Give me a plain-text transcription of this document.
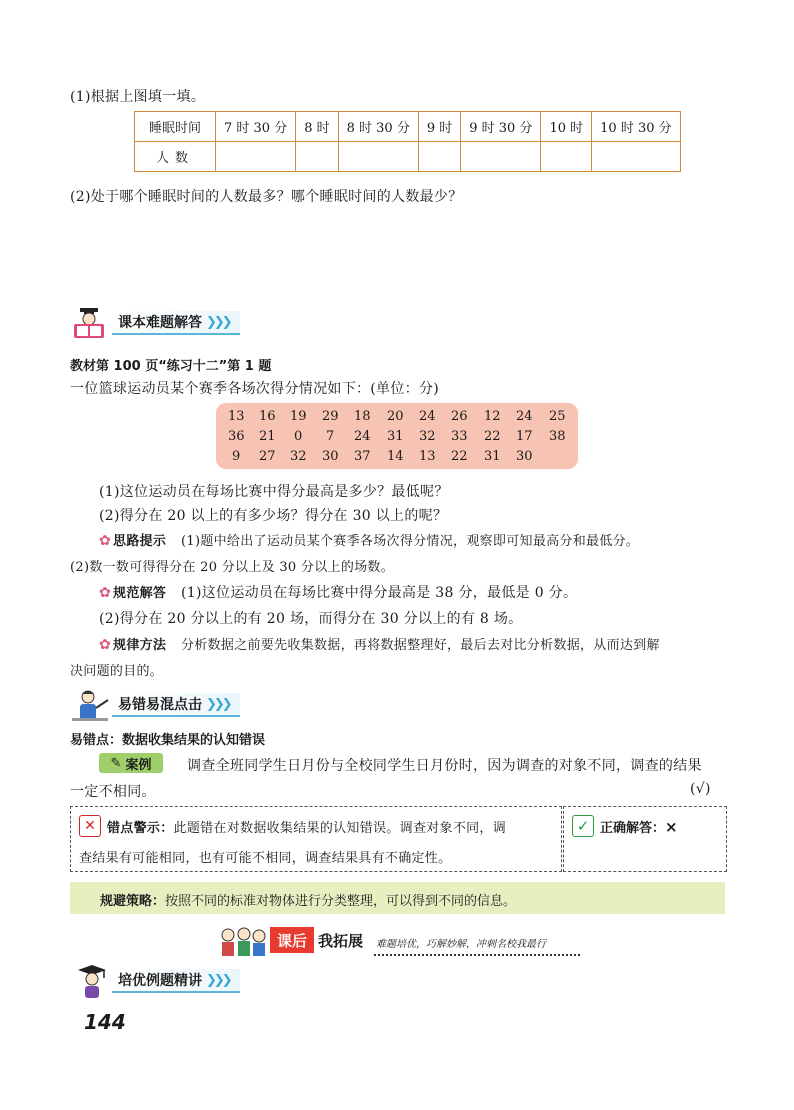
(1)根据上图填一填。
睡眠时间	7 时 30 分	8 时	8 时 30 分	9 时	9 时 30 分	10 时	10 时 30 分
人数							
(2)处于哪个睡眠时间的人数最多？哪个睡眠时间的人数最少？
课本难题解答 ❯❯❯
教材第 100 页“练习十二”第 1 题
一位篮球运动员某个赛季各场次得分情况如下：(单位：分)
13 16 19 29 18 20 24 26 12 24 25
36 21 0 7 24 31 32 33 22 17 38
9 27 32 30 37 14 13 22 31 30
(1)这位运动员在每场比赛中得分最高是多少？最低呢？
(2)得分在 20 以上的有多少场？得分在 30 以上的呢？
✿ 思路提示 (1)题中给出了运动员某个赛季各场次得分情况，观察即可知最高分和最低分。
(2)数一数可得得分在 20 分以上及 30 分以上的场数。
✿ 规范解答 (1)这位运动员在每场比赛中得分最高是 38 分，最低是 0 分。
(2)得分在 20 分以上的有 20 场，而得分在 30 分以上的有 8 场。
✿ 规律方法 分析数据之前要先收集数据，再将数据整理好，最后去对比分析数据，从而达到解
决问题的目的。
易错易混点击 ❯❯❯
易错点：数据收集结果的认知错误
✎ 案例	调查全班同学生日月份与全校同学生日月份时，因为调查的对象不同，调查的结果
一定不相同。	(√)
✕ 错点警示：此题错在对数据收集结果的认知错误。调查对象不同，调
查结果有可能相同，也有可能不相同，调查结果具有不确定性。
✓ 正确解答：×
规避策略：按照不同的标准对物体进行分类整理，可以得到不同的信息。
课后 我拓展 难题培优，巧解妙解，冲刺名校我最行
培优例题精讲 ❯❯❯
144
